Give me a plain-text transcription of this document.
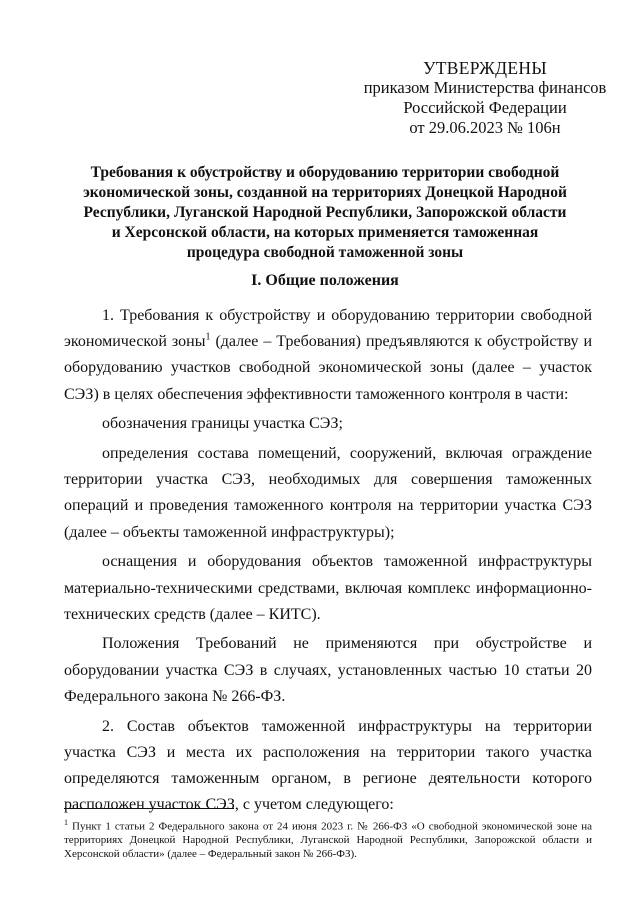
УТВЕРЖДЕНЫ
приказом Министерства финансов
Российской Федерации
от 29.06.2023 № 106н
Требования к обустройству и оборудованию территории свободной экономической зоны, созданной на территориях Донецкой Народной Республики, Луганской Народной Республики, Запорожской области и Херсонской области, на которых применяется таможенная процедура свободной таможенной зоны
I. Общие положения

1. Требования к обустройству и оборудованию территории свободной экономической зоны$^1$ (далее – Требования) предъявляются к обустройству и оборудованию участков свободной экономической зоны (далее – участок СЭЗ) в целях обеспечения эффективности таможенного контроля в части:

обозначения границы участка СЭЗ;

определения состава помещений, сооружений, включая ограждение территории участка СЭЗ, необходимых для совершения таможенных операций и проведения таможенного контроля на территории участка СЭЗ (далее – объекты таможенной инфраструктуры);

оснащения и оборудования объектов таможенной инфраструктуры материально-техническими средствами, включая комплекс информационно-технических средств (далее – КИТС).

Положения Требований не применяются при обустройстве и оборудовании участка СЭЗ в случаях, установленных частью 10 статьи 20 Федерального закона № 266-ФЗ.

2. Состав объектов таможенной инфраструктуры на территории участка СЭЗ и места их расположения на территории такого участка определяются таможенным органом, в регионе деятельности которого расположен участок СЭЗ, с учетом следующего:

$^1$ Пункт 1 статьи 2 Федерального закона от 24 июня 2023 г. № 266-ФЗ «О свободной экономической зоне на территориях Донецкой Народной Республики, Луганской Народной Республики, Запорожской области и Херсонской области» (далее – Федеральный закон № 266-ФЗ).
